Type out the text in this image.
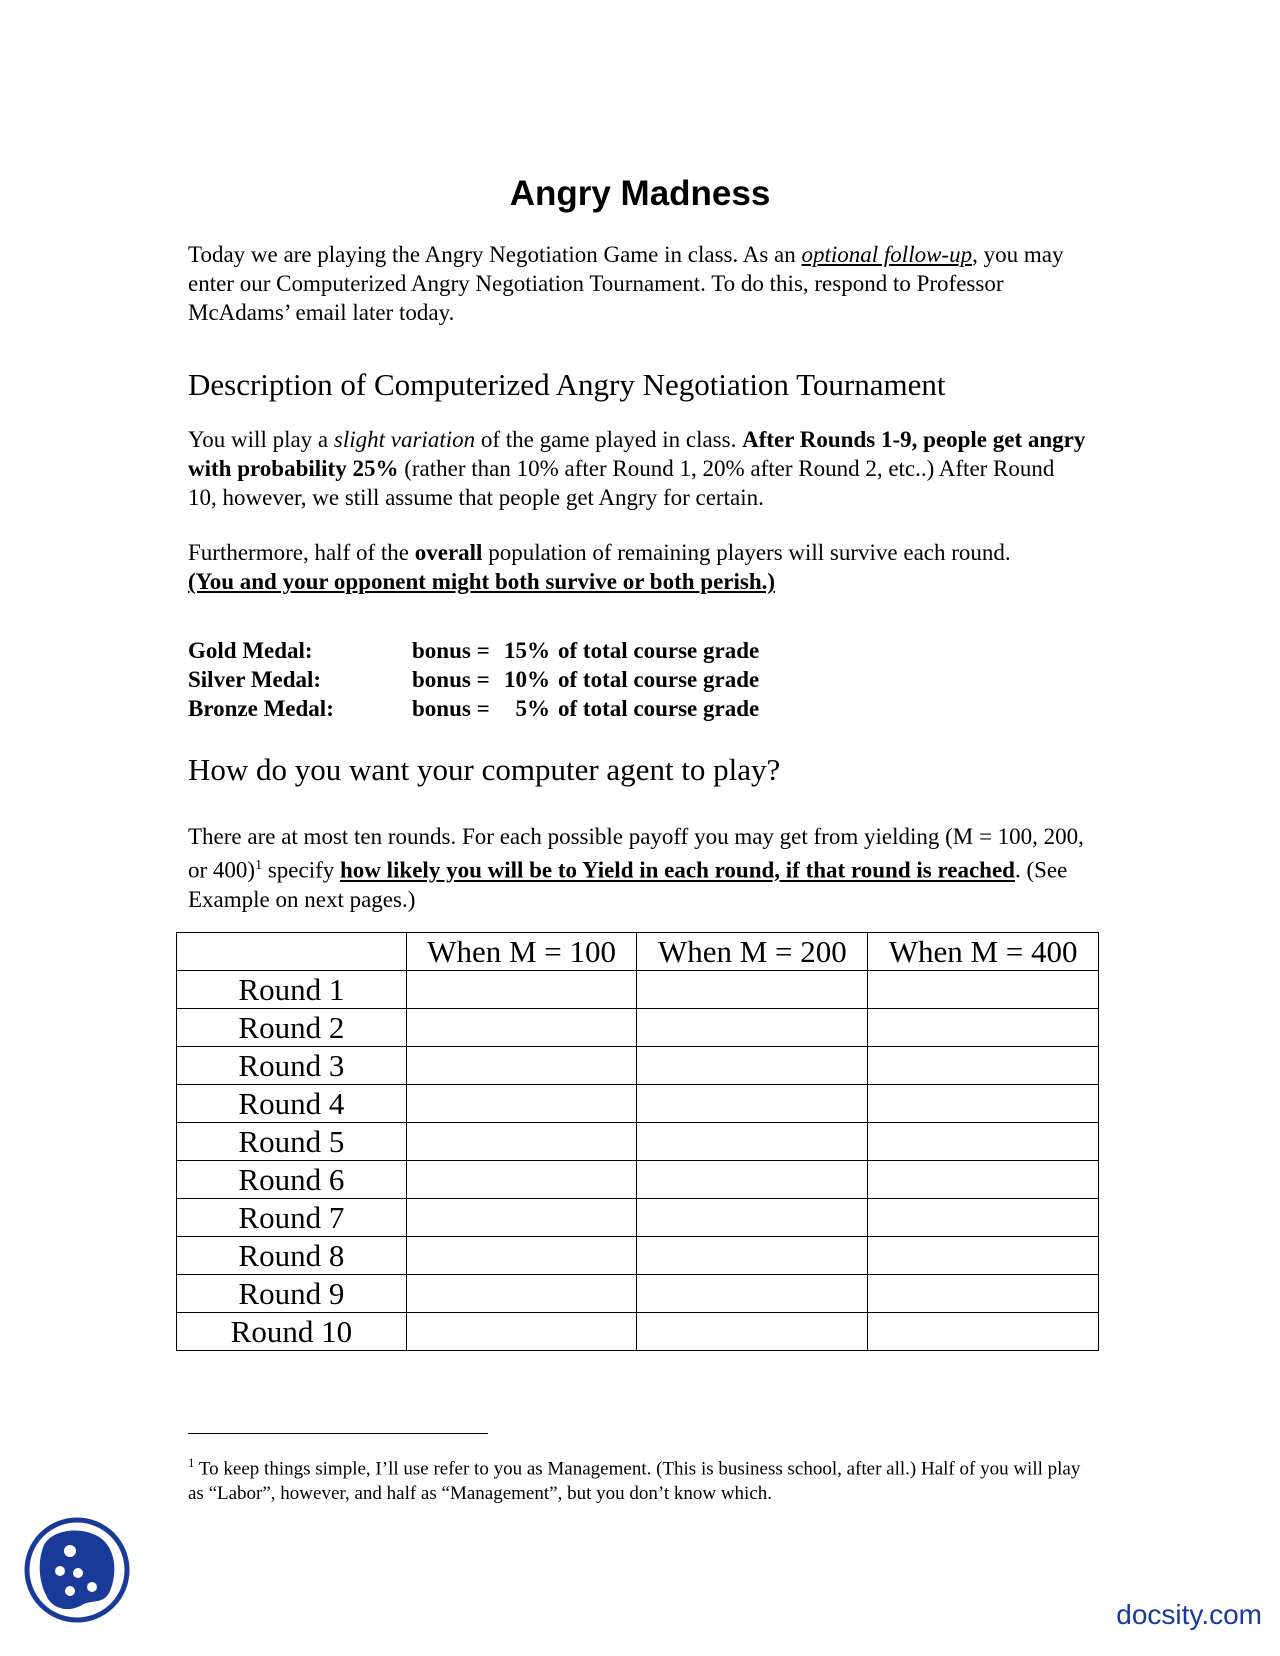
Angry Madness
Today we are playing the Angry Negotiation Game in class. As an optional follow-up, you may enter our Computerized Angry Negotiation Tournament. To do this, respond to Professor McAdams’ email later today.
Description of Computerized Angry Negotiation Tournament
You will play a slight variation of the game played in class. After Rounds 1-9, people get angry with probability 25% (rather than 10% after Round 1, 20% after Round 2, etc..) After Round 10, however, we still assume that people get Angry for certain.
Furthermore, half of the overall population of remaining players will survive each round.
(You and your opponent might both survive or both perish.)
Gold Medal:	bonus = 15% of total course grade
Silver Medal:	bonus = 10% of total course grade
Bronze Medal:	bonus =	5% of total course grade
How do you want your computer agent to play?
There are at most ten rounds. For each possible payoff you may get from yielding (M = 100, 200, or 400)$^1$ specify how likely you will be to Yield in each round, if that round is reached. (See Example on next pages.)
	When M = 100	When M = 200	When M = 400
Round 1			
Round 2			
Round 3			
Round 4			
Round 5			
Round 6			
Round 7			
Round 8			
Round 9			
Round 10			
$^1$ To keep things simple, I’ll use refer to you as Management. (This is business school, after all.) Half of you will play as “Labor”, however, and half as “Management”, but you don’t know which.
docsity.com
